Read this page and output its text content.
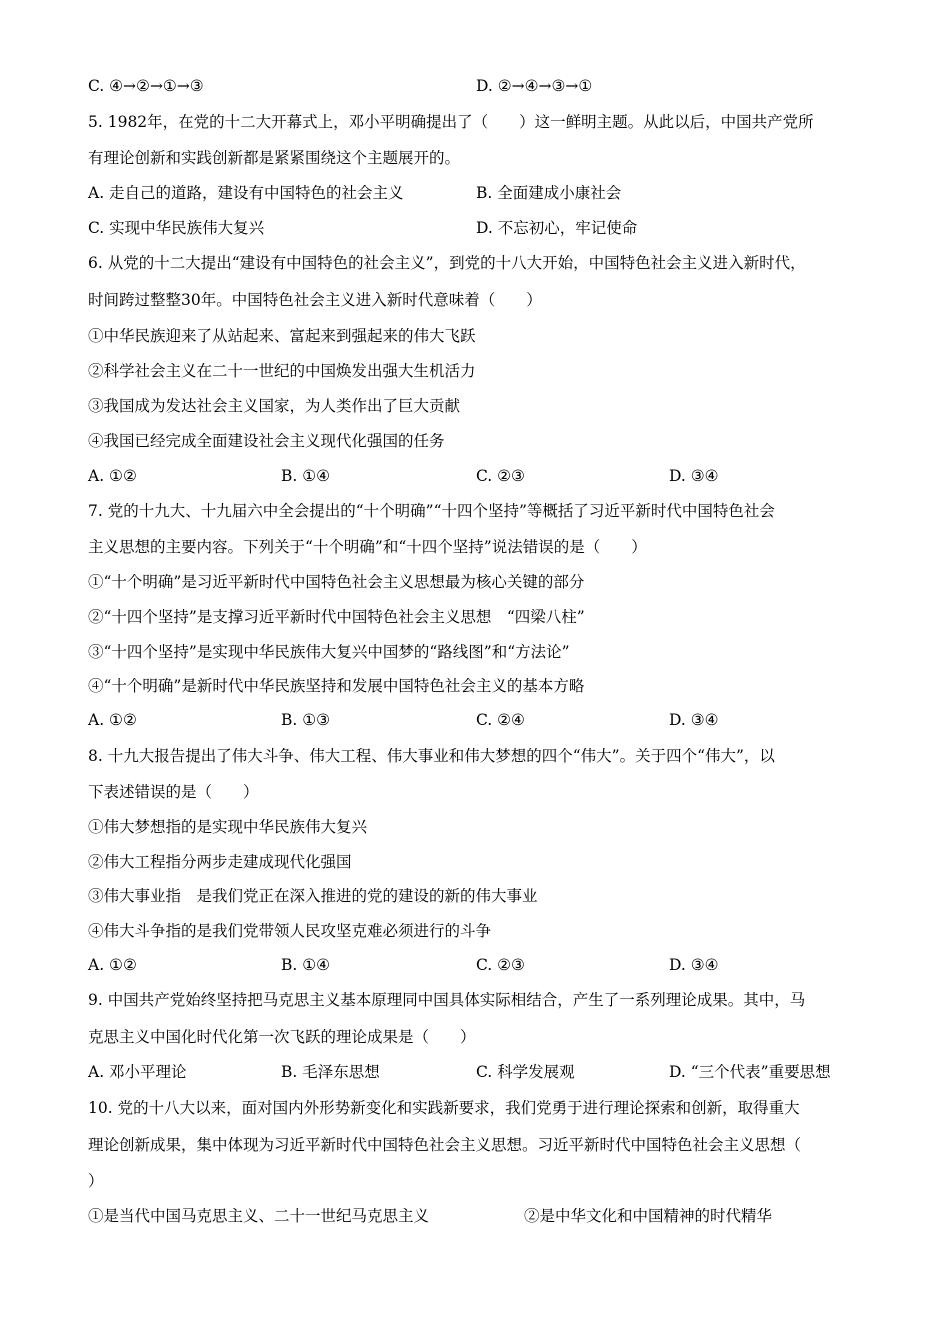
C. ④→②→①→③	D. ②→④→③→①
5. 1982年，在党的十二大开幕式上，邓小平明确提出了（　　）这一鲜明主题。从此以后，中国共产党所
有理论创新和实践创新都是紧紧围绕这个主题展开的。
A. 走自己的道路，建设有中国特色的社会主义	B. 全面建成小康社会
C. 实现中华民族伟大复兴	D. 不忘初心，牢记使命
6. 从党的十二大提出“建设有中国特色的社会主义”，到党的十八大开始，中国特色社会主义进入新时代，
时间跨过整整30年。中国特色社会主义进入新时代意味着（　　）
①中华民族迎来了从站起来、富起来到强起来的伟大飞跃
②科学社会主义在二十一世纪的中国焕发出强大生机活力
③我国成为发达社会主义国家，为人类作出了巨大贡献
④我国已经完成全面建设社会主义现代化强国的任务
A. ①②	B. ①④	C. ②③	D. ③④
7. 党的十九大、十九届六中全会提出的“十个明确”“十四个坚持”等概括了习近平新时代中国特色社会
主义思想的主要内容。下列关于“十个明确”和“十四个坚持”说法错误的是（　　）
①“十个明确”是习近平新时代中国特色社会主义思想最为核心关键的部分
②“十四个坚持”是支撑习近平新时代中国特色社会主义思想　“四梁八柱”
③“十四个坚持”是实现中华民族伟大复兴中国梦的“路线图”和“方法论”
④“十个明确”是新时代中华民族坚持和发展中国特色社会主义的基本方略
A. ①②	B. ①③	C. ②④	D. ③④
8. 十九大报告提出了伟大斗争、伟大工程、伟大事业和伟大梦想的四个“伟大”。关于四个“伟大”，以
下表述错误的是（　　）
①伟大梦想指的是实现中华民族伟大复兴
②伟大工程指分两步走建成现代化强国
③伟大事业指　是我们党正在深入推进的党的建设的新的伟大事业
④伟大斗争指的是我们党带领人民攻坚克难必须进行的斗争
A. ①②	B. ①④	C. ②③	D. ③④
9. 中国共产党始终坚持把马克思主义基本原理同中国具体实际相结合，产生了一系列理论成果。其中，马
克思主义中国化时代化第一次飞跃的理论成果是（　　）
A. 邓小平理论	B. 毛泽东思想	C. 科学发展观	D. “三个代表”重要思想
10. 党的十八大以来，面对国内外形势新变化和实践新要求，我们党勇于进行理论探索和创新，取得重大
理论创新成果，集中体现为习近平新时代中国特色社会主义思想。习近平新时代中国特色社会主义思想（
）
①是当代中国马克思主义、二十一世纪马克思主义	②是中华文化和中国精神的时代精华
